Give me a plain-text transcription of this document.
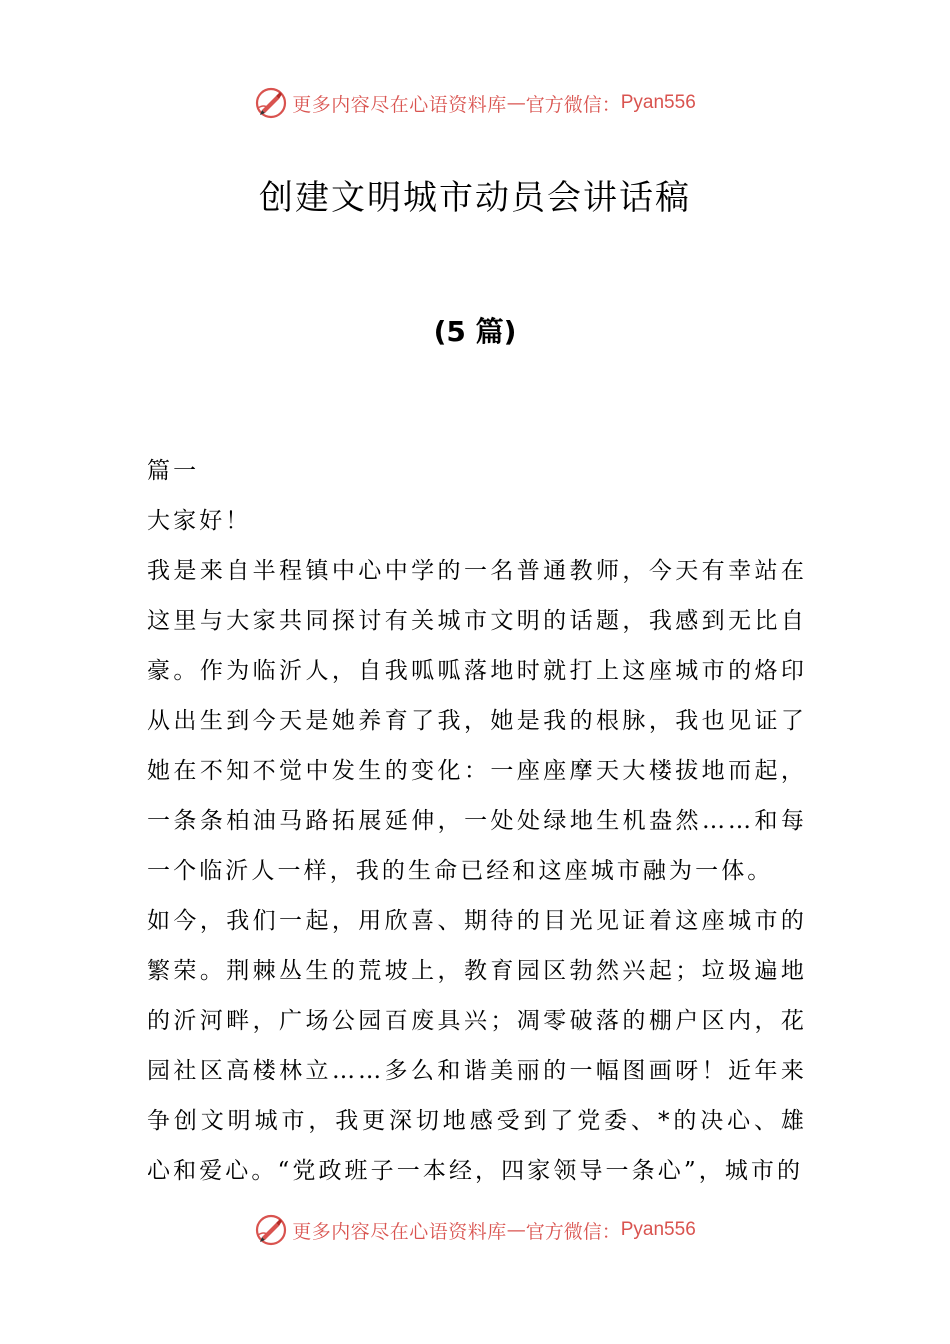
更多内容尽在心语资料库 — 官方微信： Pyan556
创建文明城市动员会讲话稿
(5 篇)

篇一

大家好！

我是来自半程镇中心中学的一名普通教师，今天有幸站在这里与大家共同探讨有关城市文明的话题，我感到无比自豪。作为临沂人，自我呱呱落地时就打上这座城市的烙印从出生到今天是她养育了我，她是我的根脉，我也见证了她在不知不觉中发生的变化：一座座摩天大楼拔地而起，一条条柏油马路拓展延伸，一处处绿地生机盎然……和每一个临沂人一样，我的生命已经和这座城市融为一体。

如今，我们一起，用欣喜、期待的目光见证着这座城市的繁荣。荆棘丛生的荒坡上，教育园区勃然兴起；垃圾遍地的沂河畔，广场公园百废具兴；凋零破落的棚户区内，花园社区高楼林立……多么和谐美丽的一幅图画呀！近年来争创文明城市，我更深切地感受到了党委、*的决心、雄心和爱心。“党政班子一本经，四家领导一条心”，城市的

更多内容尽在心语资料库 — 官方微信： Pyan556
